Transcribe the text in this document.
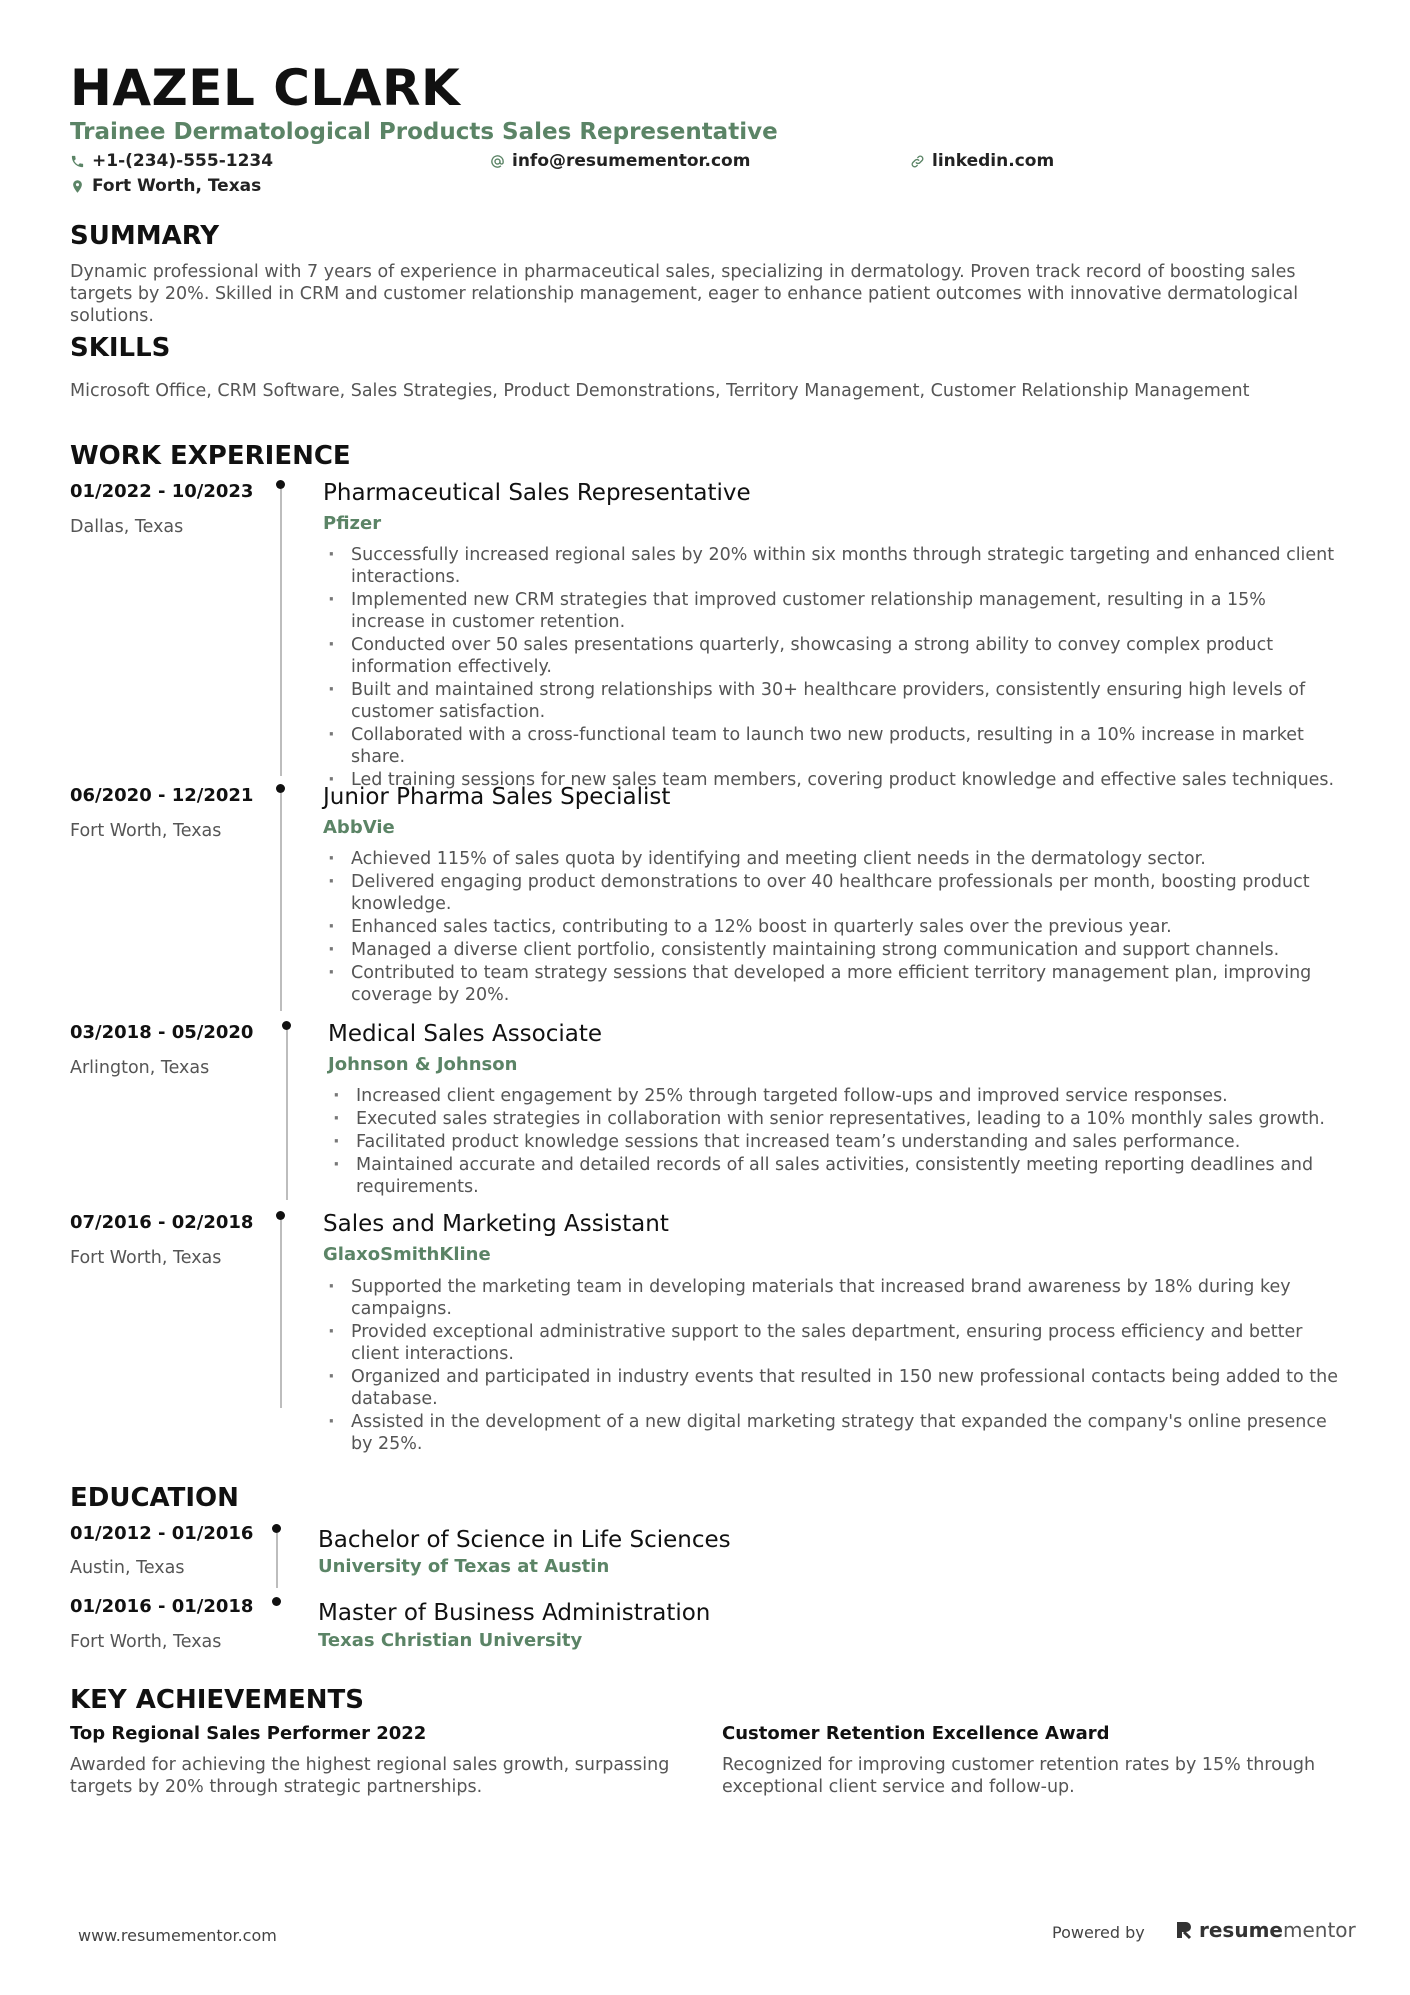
HAZEL CLARK
Trainee Dermatological Products Sales Representative
+1-(234)-555-1234	info@resumementor.com	linkedin.com
Fort Worth, Texas
SUMMARY
Dynamic professional with 7 years of experience in pharmaceutical sales, specializing in dermatology. Proven track record of boosting sales targets by 20%. Skilled in CRM and customer relationship management, eager to enhance patient outcomes with innovative dermatological solutions.
SKILLS
Microsoft Office, CRM Software, Sales Strategies, Product Demonstrations, Territory Management, Customer Relationship Management
WORK EXPERIENCE
01/2022 - 10/2023
Dallas, Texas
Pharmaceutical Sales Representative
Pfizer
· Successfully increased regional sales by 20% within six months through strategic targeting and enhanced client interactions.
· Implemented new CRM strategies that improved customer relationship management, resulting in a 15% increase in customer retention.
· Conducted over 50 sales presentations quarterly, showcasing a strong ability to convey complex product information effectively.
· Built and maintained strong relationships with 30+ healthcare providers, consistently ensuring high levels of customer satisfaction.
· Collaborated with a cross-functional team to launch two new products, resulting in a 10% increase in market share.
· Led training sessions for new sales team members, covering product knowledge and effective sales techniques.
06/2020 - 12/2021
Fort Worth, Texas
Junior Pharma Sales Specialist
AbbVie
· Achieved 115% of sales quota by identifying and meeting client needs in the dermatology sector.
· Delivered engaging product demonstrations to over 40 healthcare professionals per month, boosting product knowledge.
· Enhanced sales tactics, contributing to a 12% boost in quarterly sales over the previous year.
· Managed a diverse client portfolio, consistently maintaining strong communication and support channels.
· Contributed to team strategy sessions that developed a more efficient territory management plan, improving coverage by 20%.
03/2018 - 05/2020
Arlington, Texas
Medical Sales Associate
Johnson & Johnson
· Increased client engagement by 25% through targeted follow-ups and improved service responses.
· Executed sales strategies in collaboration with senior representatives, leading to a 10% monthly sales growth.
· Facilitated product knowledge sessions that increased team’s understanding and sales performance.
· Maintained accurate and detailed records of all sales activities, consistently meeting reporting deadlines and requirements.
07/2016 - 02/2018
Fort Worth, Texas
Sales and Marketing Assistant
GlaxoSmithKline
· Supported the marketing team in developing materials that increased brand awareness by 18% during key campaigns.
· Provided exceptional administrative support to the sales department, ensuring process efficiency and better client interactions.
· Organized and participated in industry events that resulted in 150 new professional contacts being added to the database.
· Assisted in the development of a new digital marketing strategy that expanded the company's online presence by 25%.
EDUCATION
01/2012 - 01/2016
Austin, Texas
Bachelor of Science in Life Sciences
University of Texas at Austin
01/2016 - 01/2018
Fort Worth, Texas
Master of Business Administration
Texas Christian University
KEY ACHIEVEMENTS
Top Regional Sales Performer 2022
Awarded for achieving the highest regional sales growth, surpassing targets by 20% through strategic partnerships.
Customer Retention Excellence Award
Recognized for improving customer retention rates by 15% through exceptional client service and follow-up.
www.resumementor.com	Powered by	resumementor
